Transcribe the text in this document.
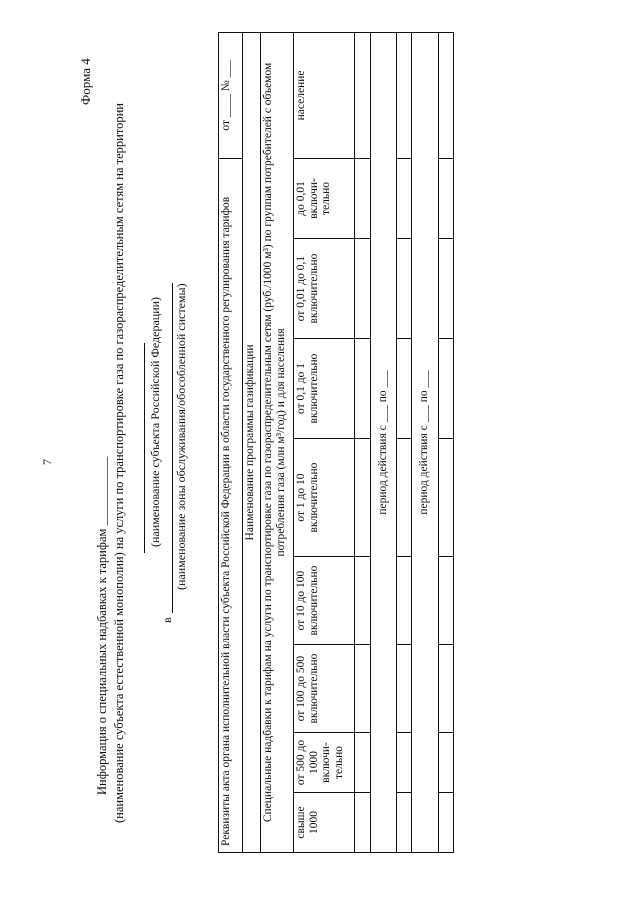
7
Форма 4
Информация о специальных надбавках к тарифам ___________ (наименование субъекта естественной монополии) на услуги по транспортировке газа по газораспределительным сетям на территории (наименование субъекта Российской Федерации)
в
(наименование зоны обслуживания/обособленной системы)	Реквизиты акта органа исполнительной власти субъекта Российской Федерации в области государственного регулирования тарифов								от ____ № ___
Наименование программы газификации								
Специальные надбавки к тарифам на услуги по транспортировке газа по газораспределительным сетям (руб./1000 м³) по группам потребителей с объемом потребления газа (млн м³/год) и для населения								
свыше 1000	от 500 до 1000 включи-тельно	от 100 до 500 включительно	от 10 до 100 включительно	от 1 до 10 включительно	от 0,1 до 1 включительно	от 0,01 до 0,1 включительно	до 0,01 включи-тельно	население

период действия с ___ по ___								

период действия с ___ по ___								
